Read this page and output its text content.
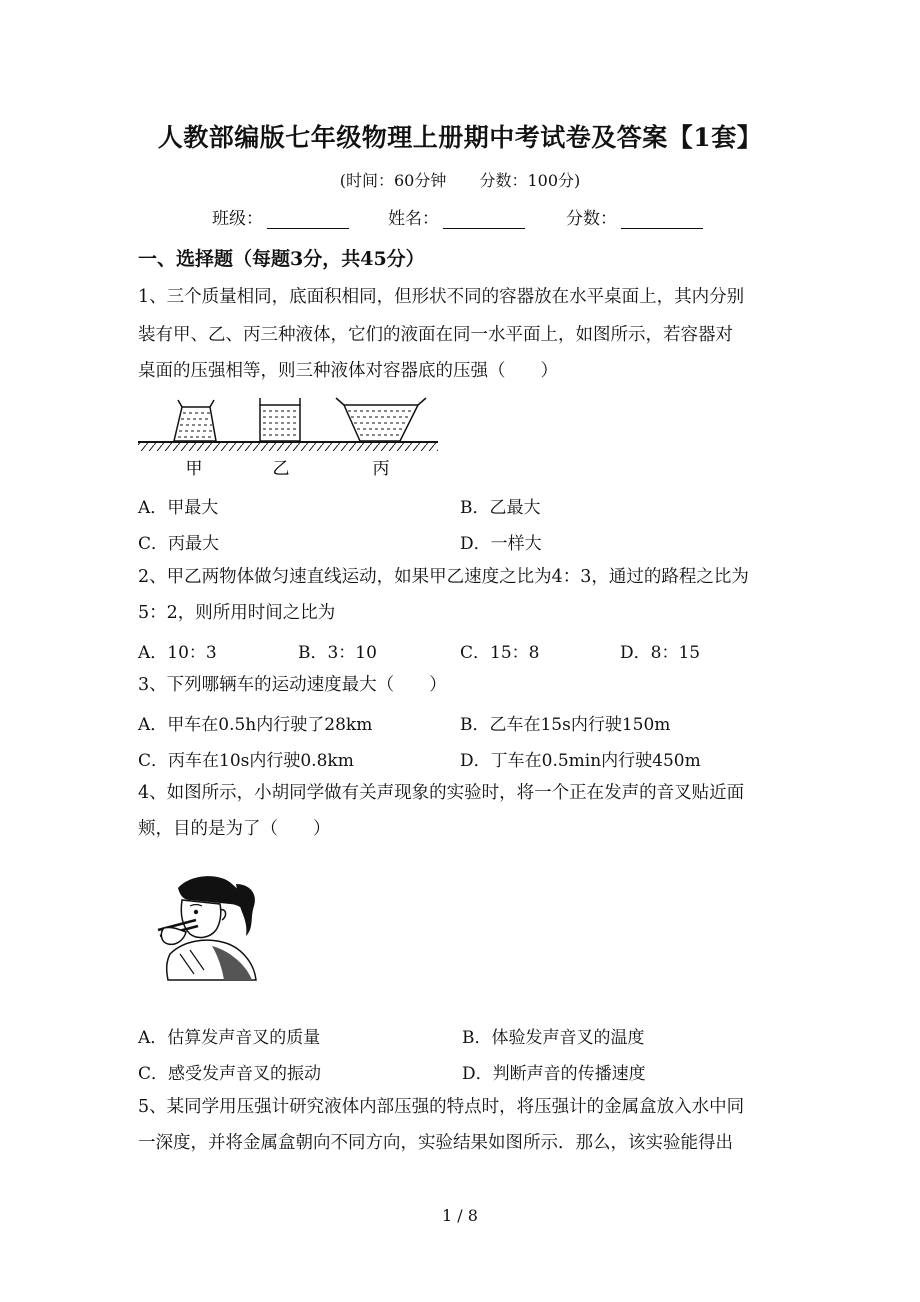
人教部编版七年级物理上册期中考试卷及答案【1套】
(时间：60分钟 分数：100分)
班级：	姓名：	分数：
一、选择题（每题3分，共45分）
1、三个质量相同，底面积相同，但形状不同的容器放在水平桌面上，其内分别
装有甲、乙、丙三种液体，它们的液面在同一水平面上，如图所示，若容器对
桌面的压强相等，则三种液体对容器底的压强（　　）
甲	乙	丙
A．甲最大	B．乙最大
C．丙最大	D．一样大
2、甲乙两物体做匀速直线运动，如果甲乙速度之比为4：3，通过的路程之比为
5：2，则所用时间之比为
A．10：3	B．3：10	C．15：8	D．8：15
3、下列哪辆车的运动速度最大（　　）
A．甲车在0.5h内行驶了28km	B．乙车在15s内行驶150m
C．丙车在10s内行驶0.8km	D．丁车在0.5min内行驶450m
4、如图所示，小胡同学做有关声现象的实验时，将一个正在发声的音叉贴近面
颊，目的是为了（　　）
A．估算发声音叉的质量	B．体验发声音叉的温度
C．感受发声音叉的振动	D．判断声音的传播速度
5、某同学用压强计研究液体内部压强的特点时，将压强计的金属盒放入水中同
一深度，并将金属盒朝向不同方向，实验结果如图所示．那么，该实验能得出
1 / 8
